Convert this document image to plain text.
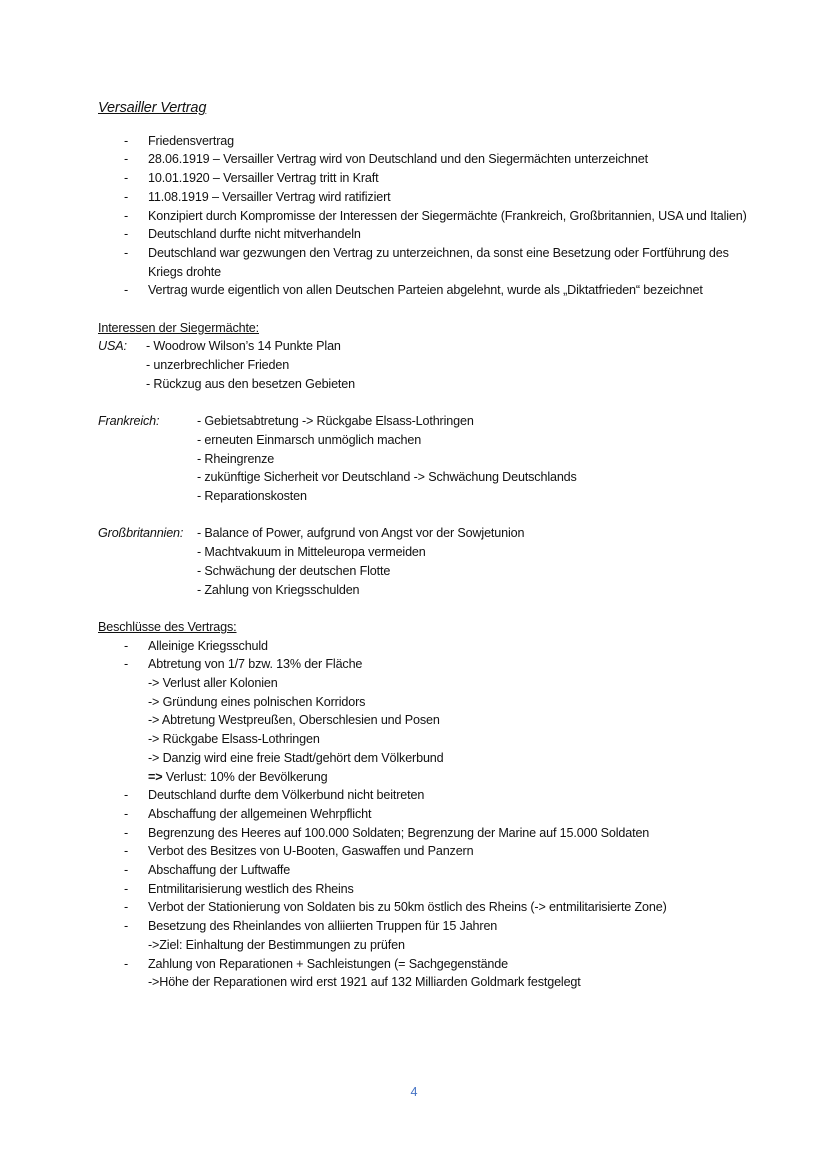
Versailler Vertrag
- Friedensvertrag
- 28.06.1919 – Versailler Vertrag wird von Deutschland und den Siegermächten unterzeichnet
- 10.01.1920 – Versailler Vertrag tritt in Kraft
- 11.08.1919 – Versailler Vertrag wird ratifiziert
- Konzipiert durch Kompromisse der Interessen der Siegermächte (Frankreich, Großbritannien, USA und Italien)
- Deutschland durfte nicht mitverhandeln
- Deutschland war gezwungen den Vertrag zu unterzeichnen, da sonst eine Besetzung oder Fortführung des Kriegs drohte
- Vertrag wurde eigentlich von allen Deutschen Parteien abgelehnt, wurde als „Diktatfrieden“ bezeichnet
Interessen der Siegermächte:
USA: - Woodrow Wilson’s 14 Punkte Plan
- unzerbrechlicher Frieden
- Rückzug aus den besetzen Gebieten
Frankreich:	- Gebietsabtretung -> Rückgabe Elsass-Lothringen
- erneuten Einmarsch unmöglich machen
- Rheingrenze
- zukünftige Sicherheit vor Deutschland -> Schwächung Deutschlands
- Reparationskosten
Großbritannien: - Balance of Power, aufgrund von Angst vor der Sowjetunion
- Machtvakuum in Mitteleuropa vermeiden
- Schwächung der deutschen Flotte
- Zahlung von Kriegsschulden
Beschlüsse des Vertrags:
- Alleinige Kriegsschuld
- Abtretung von 1/7 bzw. 13% der Fläche
-> Verlust aller Kolonien
-> Gründung eines polnischen Korridors
-> Abtretung Westpreußen, Oberschlesien und Posen
-> Rückgabe Elsass-Lothringen
-> Danzig wird eine freie Stadt/gehört dem Völkerbund
=> Verlust: 10% der Bevölkerung
- Deutschland durfte dem Völkerbund nicht beitreten
- Abschaffung der allgemeinen Wehrpflicht
- Begrenzung des Heeres auf 100.000 Soldaten; Begrenzung der Marine auf 15.000 Soldaten
- Verbot des Besitzes von U-Booten, Gaswaffen und Panzern
- Abschaffung der Luftwaffe
- Entmilitarisierung westlich des Rheins
- Verbot der Stationierung von Soldaten bis zu 50km östlich des Rheins (-> entmilitarisierte Zone)
- Besetzung des Rheinlandes von alliierten Truppen für 15 Jahren
->Ziel: Einhaltung der Bestimmungen zu prüfen
- Zahlung von Reparationen + Sachleistungen (= Sachgegenstände
->Höhe der Reparationen wird erst 1921 auf 132 Milliarden Goldmark festgelegt
4
